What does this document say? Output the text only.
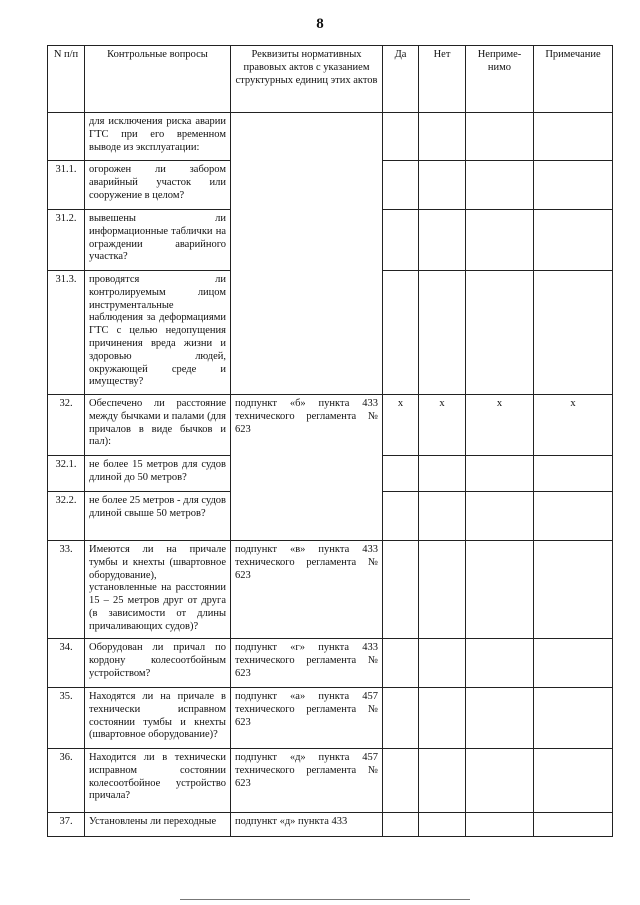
8
N п/п	Контрольные вопросы	Реквизиты нормативных правовых актов с указанием структурных единиц этих актов	Да	Нет	Неприме-нимо	Примечание
	для исключения риска аварии ГТС при его временном выводе из эксплуатации:					
31.1.	огорожен ли забором аварийный участок или сооружение в целом?					
31.2.	вывешены ли информационные таблички на ограждении аварийного участка?					
31.3.	проводятся ли контролируемым лицом инструментальные наблюдения за деформациями ГТС с целью недопущения причинения вреда жизни и здоровью людей, окружающей среде и имуществу?					
32.	Обеспечено ли расстояние между бычками и палами (для причалов в виде бычков и пал):	подпункт «б» пункта 433 технического регламента № 623	x	x	x	x
32.1.	не более 15 метров для судов длиной до 50 метров?					
32.2.	не более 25 метров - для судов длиной свыше 50 метров?					
33.	Имеются ли на причале тумбы и кнехты (швартовное оборудование), установленные на расстоянии 15 – 25 метров друг от друга (в зависимости от длины причаливающих судов)?	подпункт «в» пункта 433 технического регламента № 623				
34.	Оборудован ли причал по кордону колесоотбойным устройством?	подпункт «г» пункта 433 технического регламента № 623				
35.	Находятся ли на причале в технически исправном состоянии тумбы и кнехты (швартовное оборудование)?	подпункт «а» пункта 457 технического регламента № 623				
36.	Находится ли в технически исправном состоянии колесоотбойное устройство причала?	подпункт «д» пункта 457 технического регламента № 623				
37.	Установлены ли переходные	подпункт «д» пункта 433				
